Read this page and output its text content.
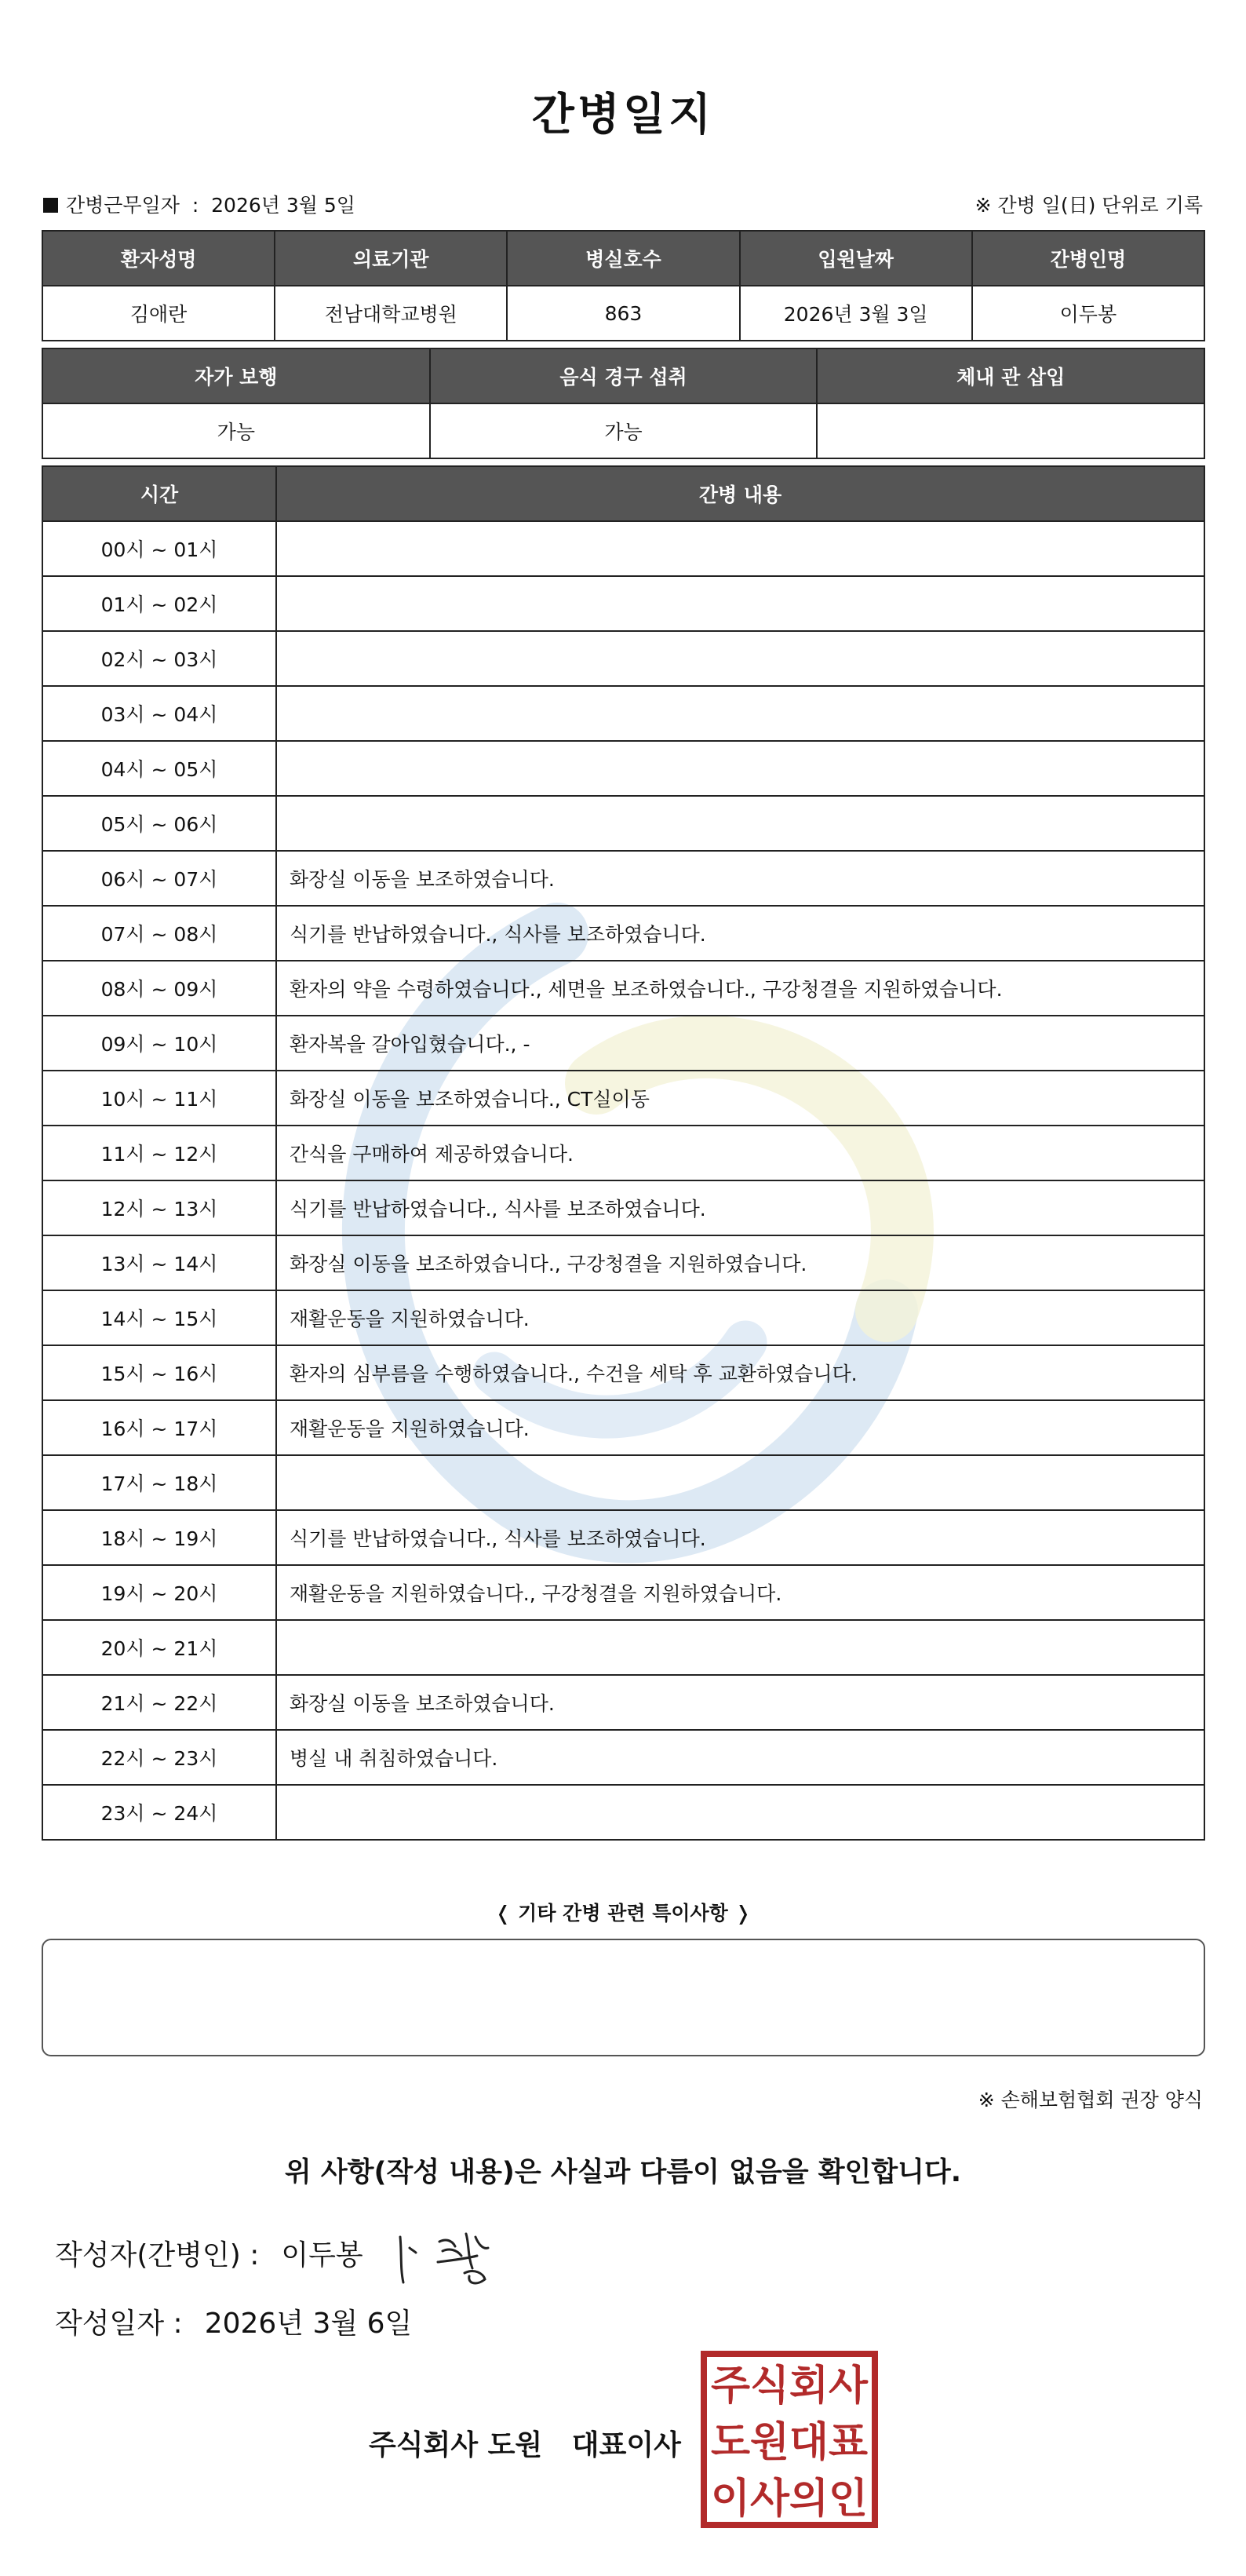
간병일지
간병근무일자 : 2026년 3월 5일	※ 간병 일(日) 단위로 기록
환자성명	의료기관	병실호수	입원날짜	간병인명
김애란	전남대학교병원	863	2026년 3월 3일	이두봉
자가 보행	음식 경구 섭취	체내 관 삽입
가능	가능	
시간	간병 내용
00시 ~ 01시	
01시 ~ 02시	
02시 ~ 03시	
03시 ~ 04시	
04시 ~ 05시	
05시 ~ 06시	
06시 ~ 07시	화장실 이동을 보조하였습니다.
07시 ~ 08시	식기를 반납하였습니다., 식사를 보조하였습니다.
08시 ~ 09시	환자의 약을 수령하였습니다., 세면을 보조하였습니다., 구강청결을 지원하였습니다.
09시 ~ 10시	환자복을 갈아입혔습니다., -
10시 ~ 11시	화장실 이동을 보조하였습니다., CT실이동
11시 ~ 12시	간식을 구매하여 제공하였습니다.
12시 ~ 13시	식기를 반납하였습니다., 식사를 보조하였습니다.
13시 ~ 14시	화장실 이동을 보조하였습니다., 구강청결을 지원하였습니다.
14시 ~ 15시	재활운동을 지원하였습니다.
15시 ~ 16시	환자의 심부름을 수행하였습니다., 수건을 세탁 후 교환하였습니다.
16시 ~ 17시	재활운동을 지원하였습니다.
17시 ~ 18시	
18시 ~ 19시	식기를 반납하였습니다., 식사를 보조하였습니다.
19시 ~ 20시	재활운동을 지원하였습니다., 구강청결을 지원하였습니다.
20시 ~ 21시	
21시 ~ 22시	화장실 이동을 보조하였습니다.
22시 ~ 23시	병실 내 취침하였습니다.
23시 ~ 24시	
❬ 기타 간병 관련 특이사항 ❭
※ 손해보험협회 권장 양식
위 사항(작성 내용)은 사실과 다름이 없음을 확인합니다.
작성자(간병인) : 이두봉
작성일자 : 2026년 3월 6일
주식회사 도원   대표이사
주식회사
도원대표
이사의인
